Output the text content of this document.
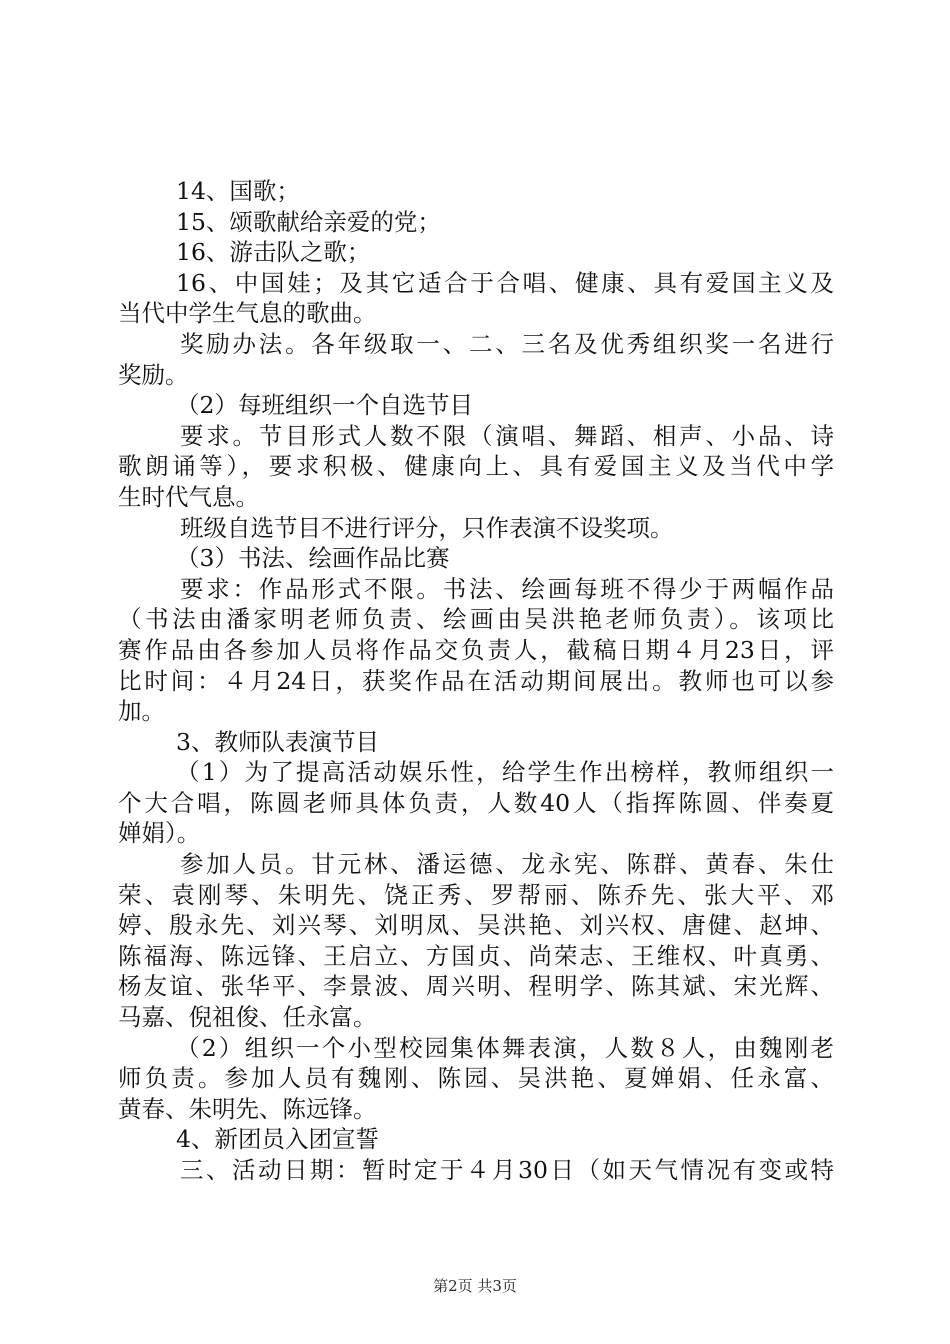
14、国歌；
15、颂歌献给亲爱的党；
16、游击队之歌；
16、中国娃；及其它适合于合唱、健康、具有爱国主义及
当代中学生气息的歌曲。
奖励办法。各年级取一、二、三名及优秀组织奖一名进行
奖励。
（2）每班组织一个自选节目
要求。节目形式人数不限（演唱、舞蹈、相声、小品、诗
歌朗诵等），要求积极、健康向上、具有爱国主义及当代中学
生时代气息。
班级自选节目不进行评分，只作表演不设奖项。
（3）书法、绘画作品比赛
要求：作品形式不限。书法、绘画每班不得少于两幅作品
（书法由潘家明老师负责、绘画由吴洪艳老师负责）。该项比
赛作品由各参加人员将作品交负责人，截稿日期４月23日，评
比时间：４月24日，获奖作品在活动期间展出。教师也可以参
加。
3、教师队表演节目
（1）为了提高活动娱乐性，给学生作出榜样，教师组织一
个大合唱，陈圆老师具体负责，人数40人（指挥陈圆、伴奏夏
婵娟）。
参加人员。甘元林、潘运德、龙永宪、陈群、黄春、朱仕
荣、袁刚琴、朱明先、饶正秀、罗帮丽、陈乔先、张大平、邓
婷、殷永先、刘兴琴、刘明凤、吴洪艳、刘兴权、唐健、赵坤、
陈福海、陈远锋、王启立、方国贞、尚荣志、王维权、叶真勇、
杨友谊、张华平、李景波、周兴明、程明学、陈其斌、宋光辉、
马嘉、倪祖俊、任永富。
（2）组织一个小型校园集体舞表演，人数８人，由魏刚老
师负责。参加人员有魏刚、陈园、吴洪艳、夏婵娟、任永富、
黄春、朱明先、陈远锋。
4、新团员入团宣誓
三、活动日期：暂时定于４月30日（如天气情况有变或特
第2页 共3页
